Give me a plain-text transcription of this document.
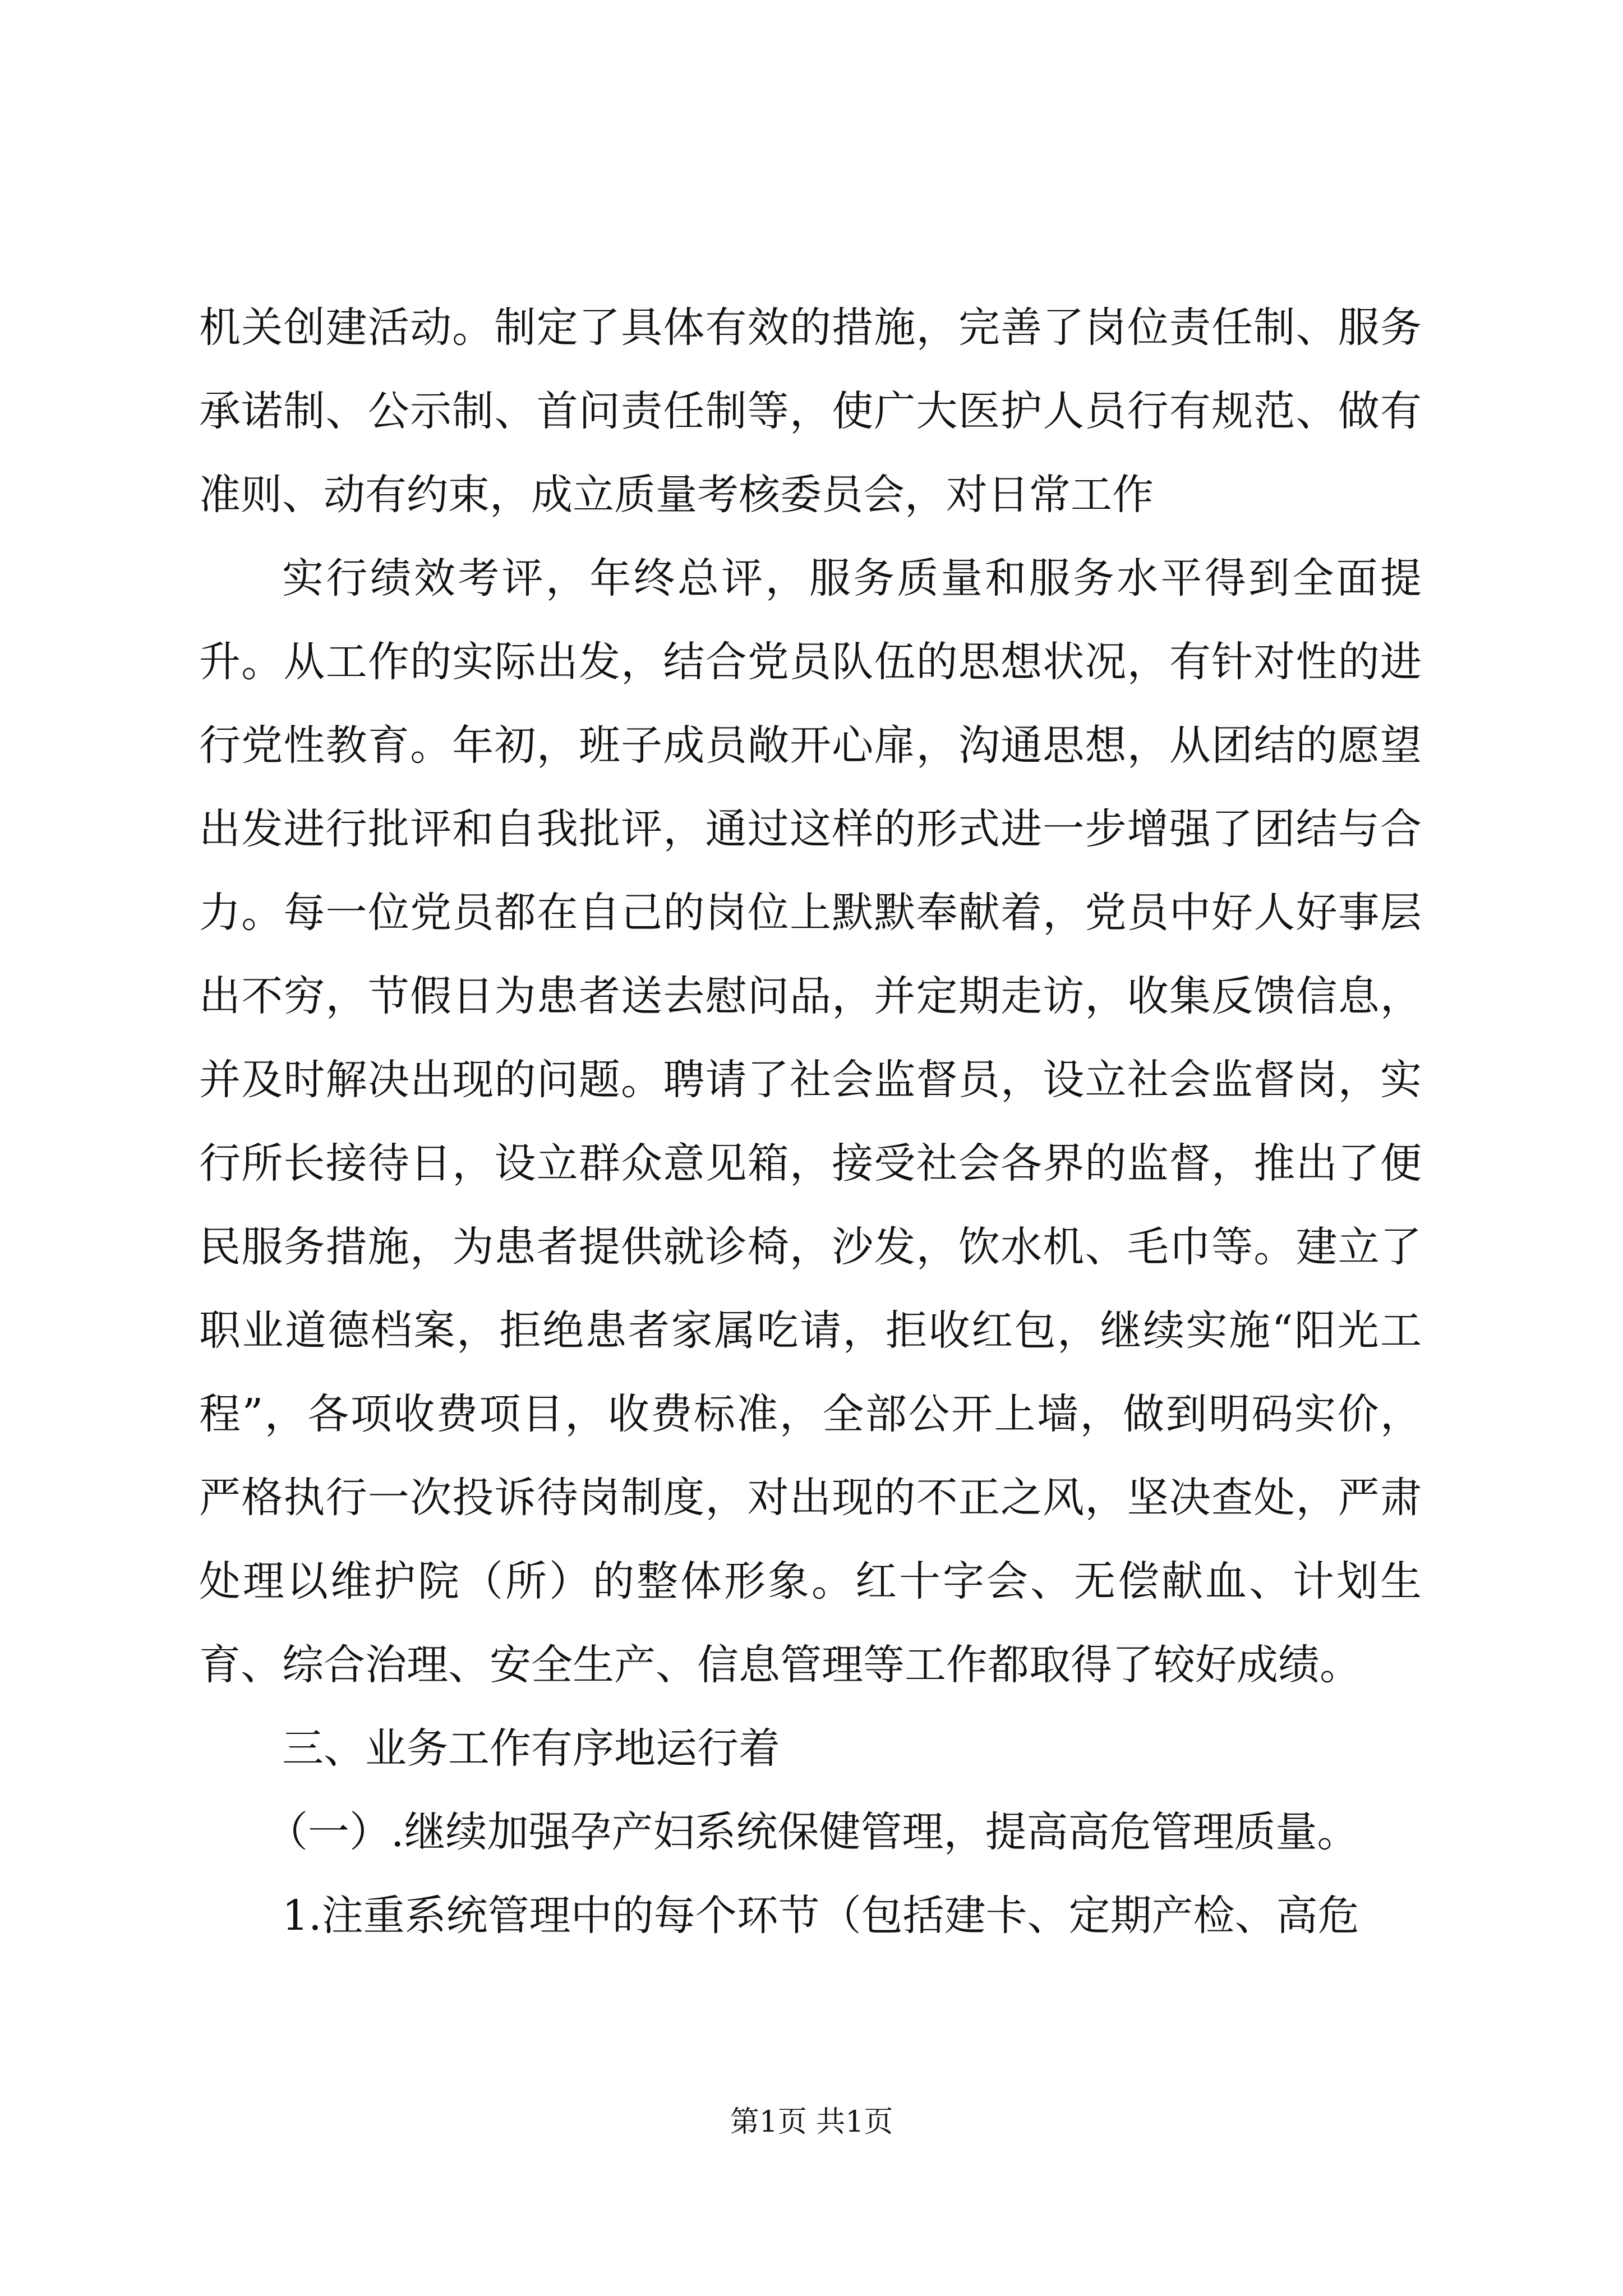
机关创建活动。制定了具体有效的措施，完善了岗位责任制、服务承诺制、公示制、首问责任制等，使广大医护人员行有规范、做有准则、动有约束，成立质量考核委员会，对日常工作

实行绩效考评，年终总评，服务质量和服务水平得到全面提升。从工作的实际出发，结合党员队伍的思想状况，有针对性的进行党性教育。年初，班子成员敞开心扉，沟通思想，从团结的愿望出发进行批评和自我批评，通过这样的形式进一步增强了团结与合力。每一位党员都在自己的岗位上默默奉献着，党员中好人好事层出不穷，节假日为患者送去慰问品，并定期走访，收集反馈信息，并及时解决出现的问题。聘请了社会监督员，设立社会监督岗，实行所长接待日，设立群众意见箱，接受社会各界的监督，推出了便民服务措施，为患者提供就诊椅，沙发，饮水机、毛巾等。建立了职业道德档案，拒绝患者家属吃请，拒收红包，继续实施“阳光工程”，各项收费项目，收费标准，全部公开上墙，做到明码实价，严格执行一次投诉待岗制度，对出现的不正之风，坚决查处，严肃处理以维护院（所）的整体形象。红十字会、无偿献血、计划生育、综合治理、安全生产、信息管理等工作都取得了较好成绩。

三、业务工作有序地运行着

（一）.继续加强孕产妇系统保健管理，提高高危管理质量。

1.注重系统管理中的每个环节（包括建卡、定期产检、高危

第1页 共1页
